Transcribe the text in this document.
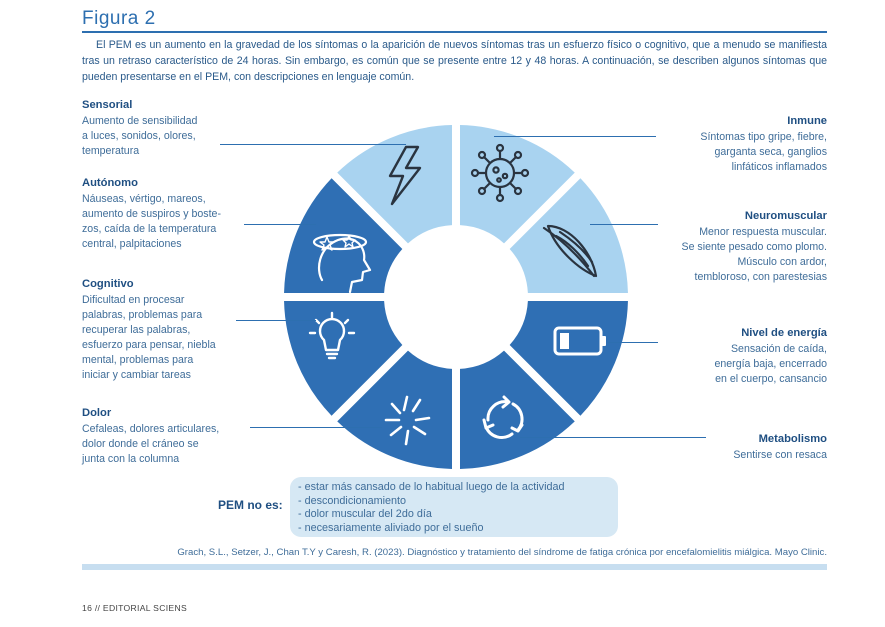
Figura 2
El PEM es un aumento en la gravedad de los síntomas o la aparición de nuevos síntomas tras un esfuerzo físico o cognitivo, que a menudo se manifiesta tras un retraso característico de 24 horas. Sin embargo, es común que se presente entre 12 y 48 horas. A continuación, se describen algunos síntomas que pueden presentarse en el PEM, con descripciones en lenguaje común.
Sensorial
Aumento de sensibilidad
a luces, sonidos, olores,
temperatura
Autónomo
Náuseas, vértigo, mareos,
aumento de suspiros y boste-
zos, caída de la temperatura
central, palpitaciones
Cognitivo
Dificultad en procesar
palabras, problemas para
recuperar las palabras,
esfuerzo para pensar, niebla
mental, problemas para
iniciar y cambiar tareas
Dolor
Cefaleas, dolores articulares,
dolor donde el cráneo se
junta con la columna
Inmune
Síntomas tipo gripe, fiebre,
garganta seca, ganglios
linfáticos inflamados
Neuromuscular
Menor respuesta muscular.
Se siente pesado como plomo.
Músculo con ardor,
tembloroso, con parestesias
Nivel de energía
Sensación de caída,
energía baja, encerrado
en el cuerpo, cansancio
Metabolismo
Sentirse con resaca
PEM no es:
- estar más cansado de lo habitual luego de la actividad
- descondicionamiento
- dolor muscular del 2do día
- necesariamente aliviado por el sueño
Grach, S.L., Setzer, J., Chan T.Y y Caresh, R. (2023). Diagnóstico y tratamiento del síndrome de fatiga crónica por encefalomielitis miálgica. Mayo Clinic.
16 // EDITORIAL SCIENS
